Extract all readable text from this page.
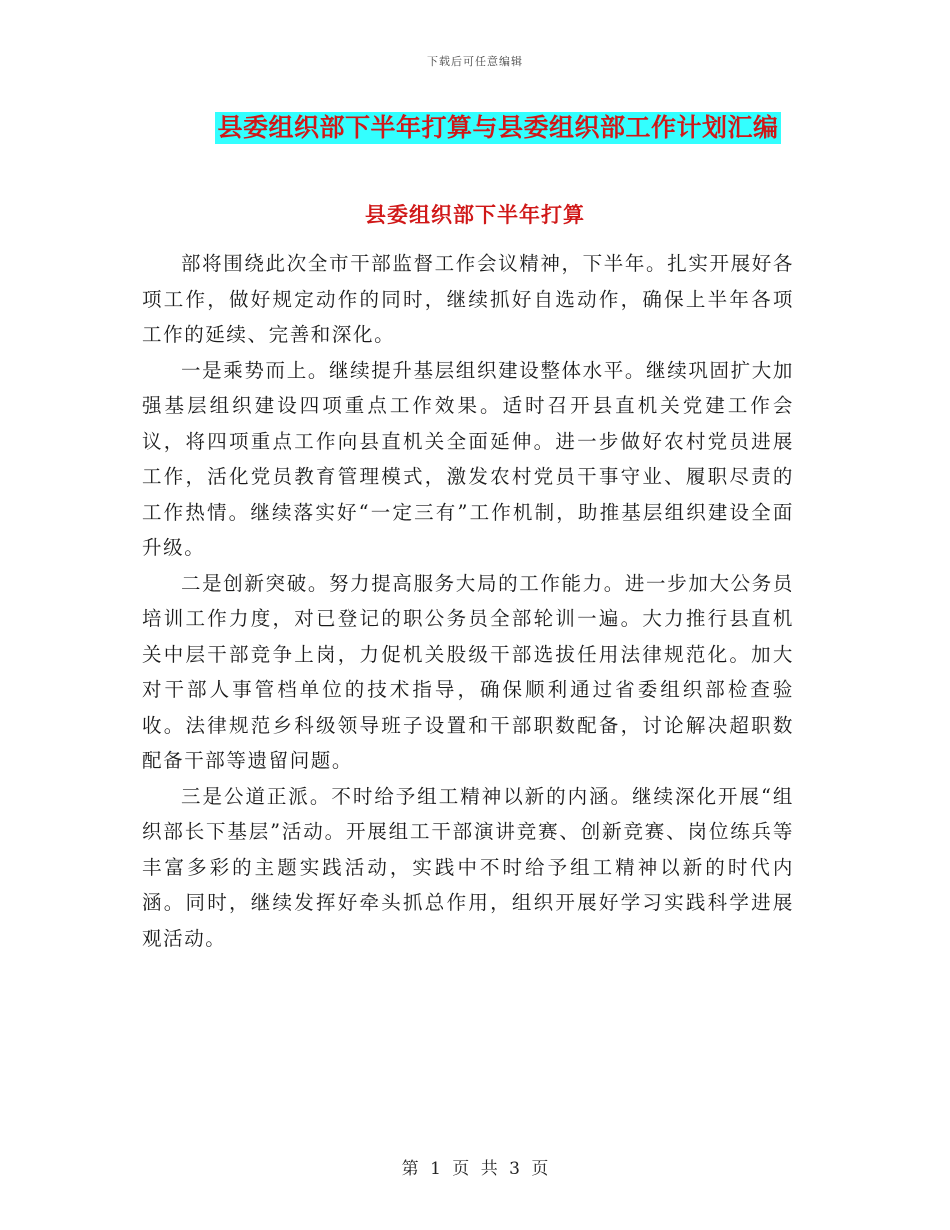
下载后可任意编辑
县委组织部下半年打算与县委组织部工作计划汇编
县委组织部下半年打算

部将围绕此次全市干部监督工作会议精神，下半年。扎实开展好各项工作，做好规定动作的同时，继续抓好自选动作，确保上半年各项工作的延续、完善和深化。

一是乘势而上。继续提升基层组织建设整体水平。继续巩固扩大加强基层组织建设四项重点工作效果。适时召开县直机关党建工作会议，将四项重点工作向县直机关全面延伸。进一步做好农村党员进展工作，活化党员教育管理模式，激发农村党员干事守业、履职尽责的工作热情。继续落实好“一定三有”工作机制，助推基层组织建设全面升级。

二是创新突破。努力提高服务大局的工作能力。进一步加大公务员培训工作力度，对已登记的职公务员全部轮训一遍。大力推行县直机关中层干部竞争上岗，力促机关股级干部选拔任用法律规范化。加大对干部人事管档单位的技术指导，确保顺利通过省委组织部检查验收。法律规范乡科级领导班子设置和干部职数配备，讨论解决超职数配备干部等遗留问题。

三是公道正派。不时给予组工精神以新的内涵。继续深化开展“组织部长下基层”活动。开展组工干部演讲竞赛、创新竞赛、岗位练兵等丰富多彩的主题实践活动，实践中不时给予组工精神以新的时代内涵。同时，继续发挥好牵头抓总作用，组织开展好学习实践科学进展观活动。

第 1 页 共 3 页
